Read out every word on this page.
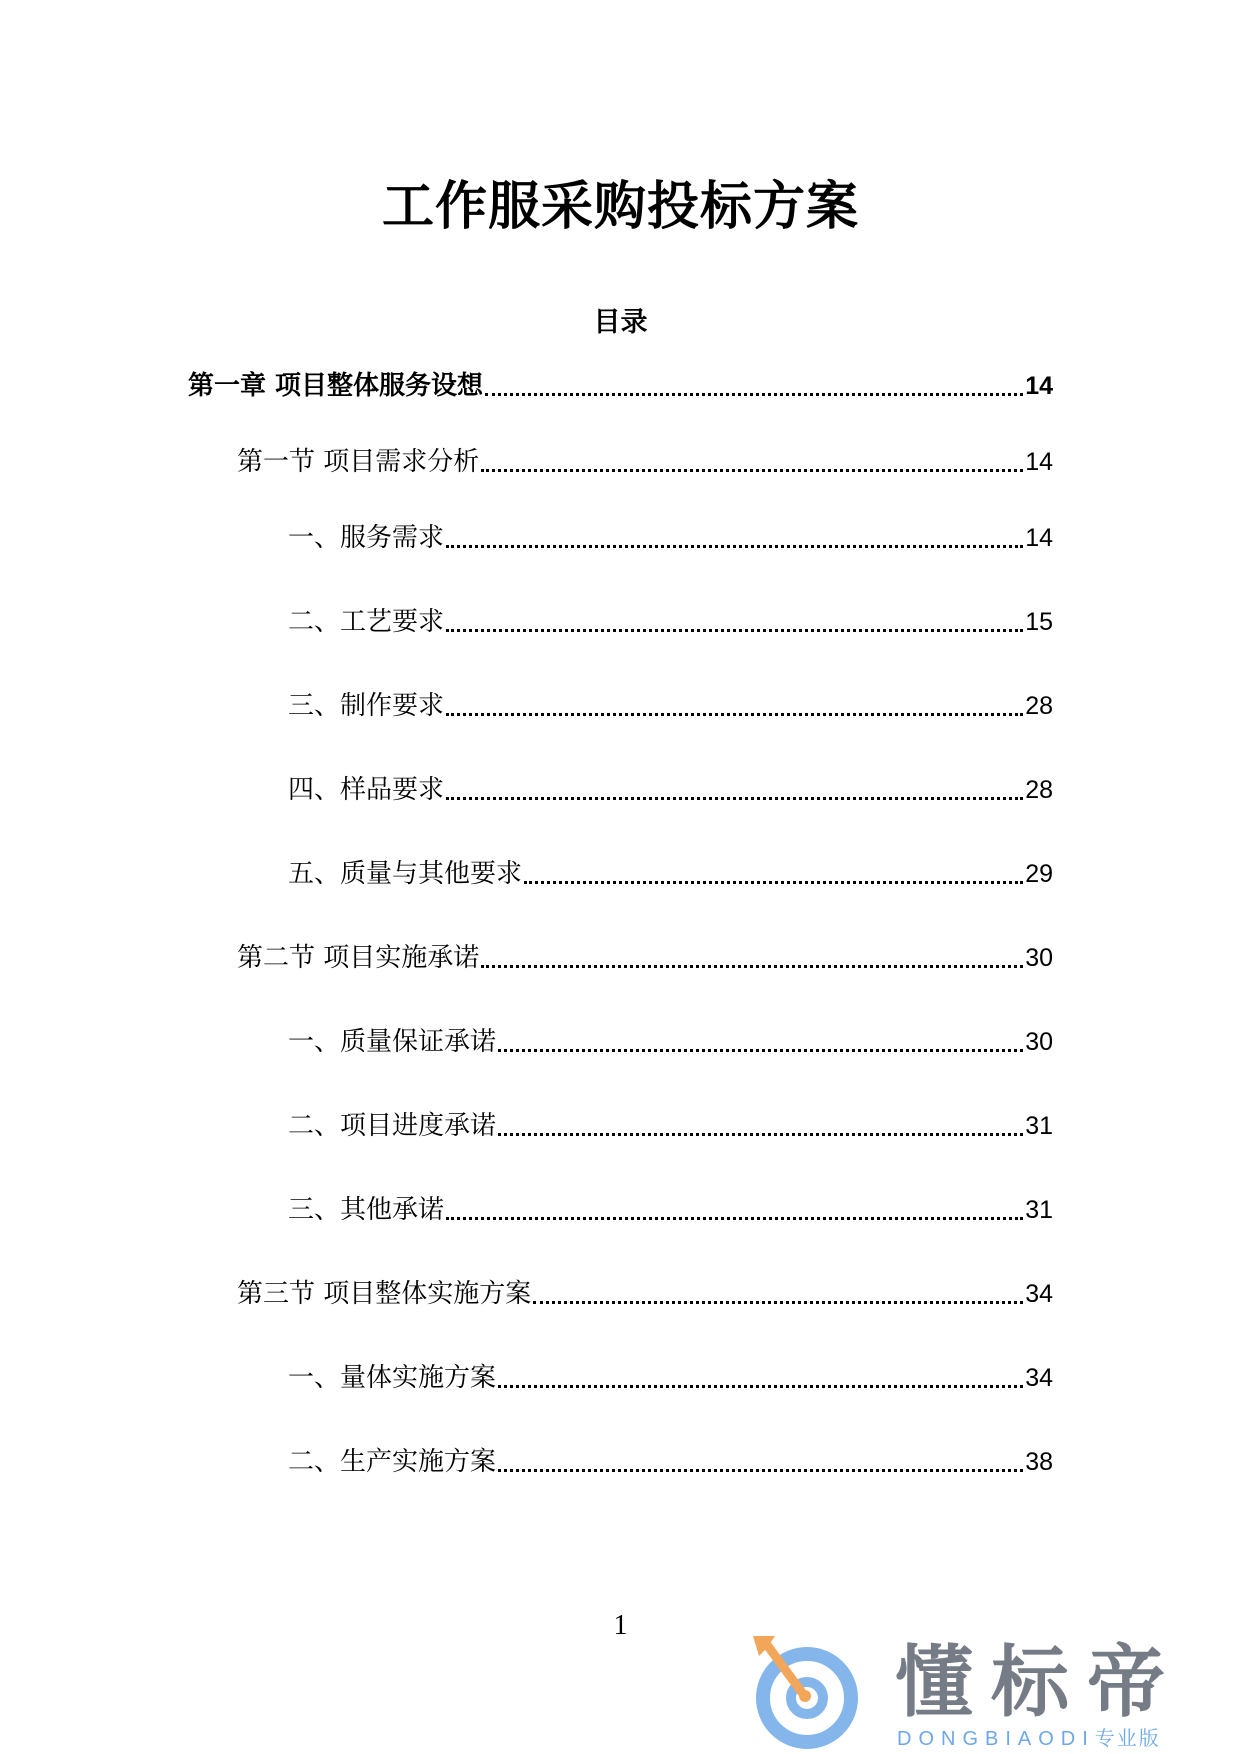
工作服采购投标方案
目录
第一章 项目整体服务设想	14
第一节 项目需求分析	14
一、服务需求	14
二、工艺要求	15
三、制作要求	28
四、样品要求	28
五、质量与其他要求	29
第二节 项目实施承诺	30
一、质量保证承诺	30
二、项目进度承诺	31
三、其他承诺	31
第三节 项目整体实施方案	34
一、量体实施方案	34
二、生产实施方案	38
1
懂标帝
DONGBIAODI专业版
